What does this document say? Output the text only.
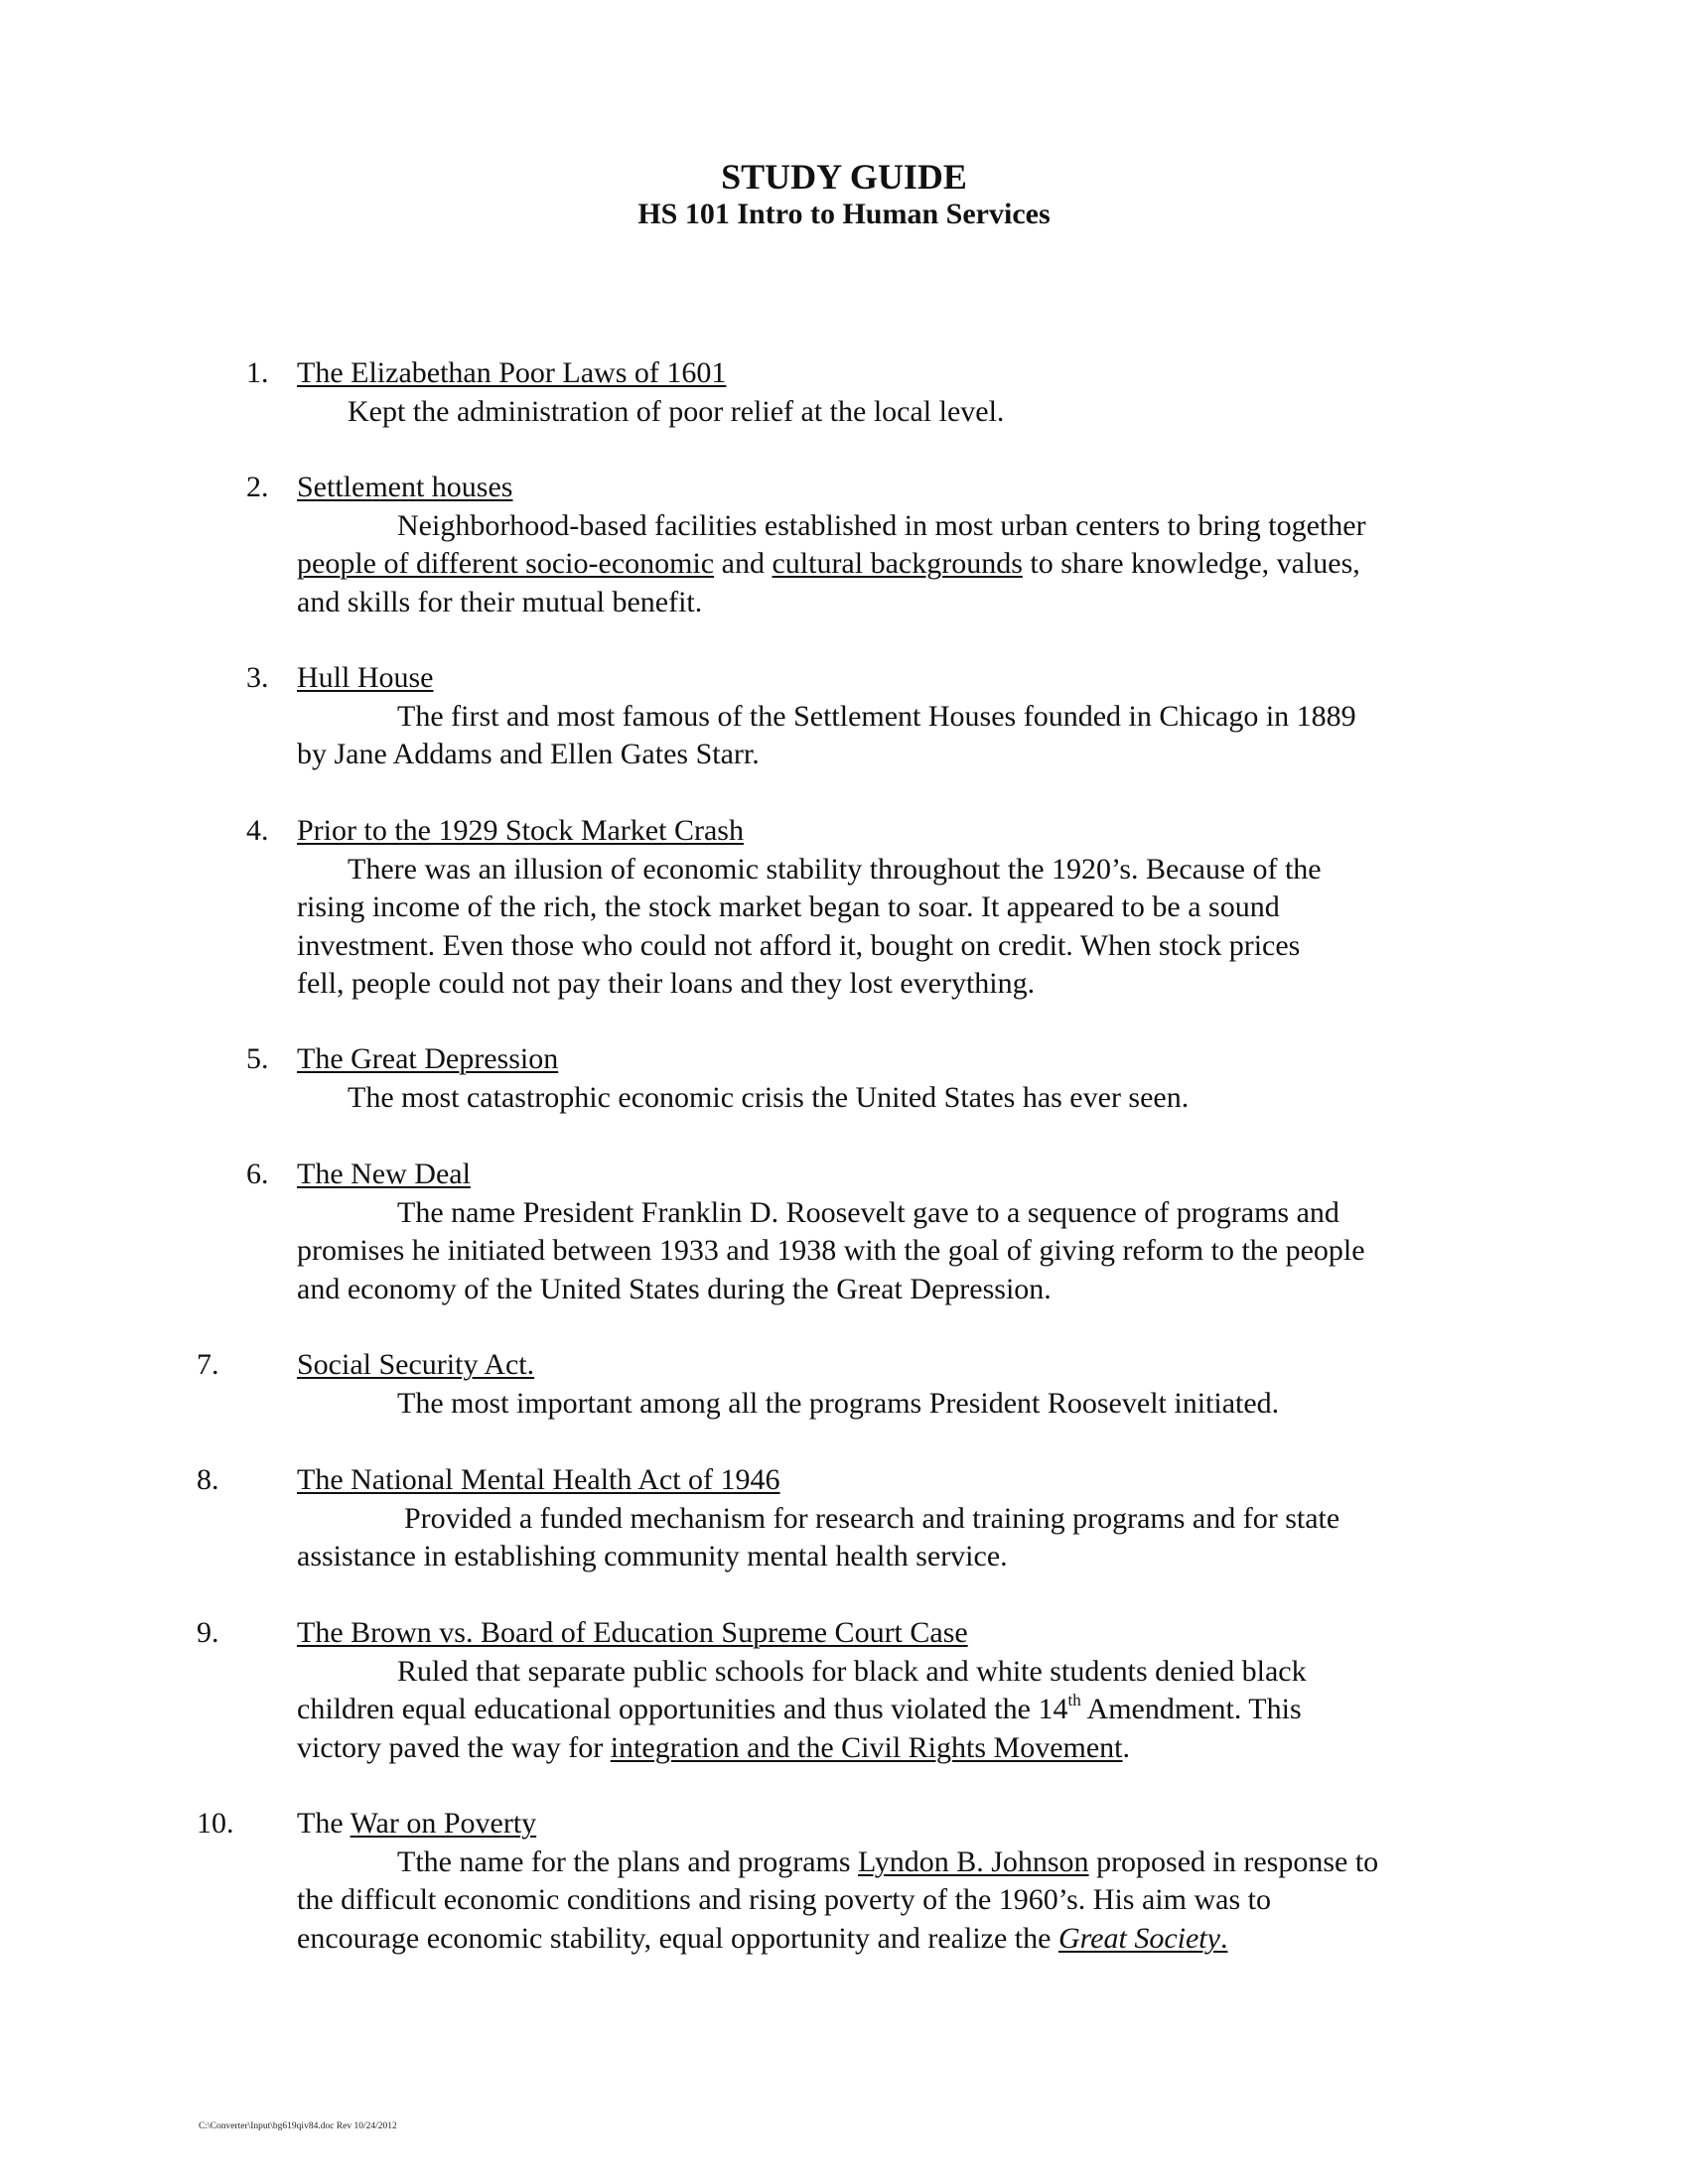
STUDY GUIDE

HS 101 Intro to Human Services

1. The Elizabethan Poor Laws of 1601
Kept the administration of poor relief at the local level.
2. Settlement houses
Neighborhood-based facilities established in most urban centers to bring together
people of different socio-economic and cultural backgrounds to share knowledge, values,
and skills for their mutual benefit.
3. Hull House
The first and most famous of the Settlement Houses founded in Chicago in 1889
by Jane Addams and Ellen Gates Starr.
4. Prior to the 1929 Stock Market Crash
There was an illusion of economic stability throughout the 1920’s. Because of the
rising income of the rich, the stock market began to soar. It appeared to be a sound
investment. Even those who could not afford it, bought on credit. When stock prices
fell, people could not pay their loans and they lost everything.
5. The Great Depression
The most catastrophic economic crisis the United States has ever seen.
6. The New Deal
The name President Franklin D. Roosevelt gave to a sequence of programs and
promises he initiated between 1933 and 1938 with the goal of giving reform to the people
and economy of the United States during the Great Depression.
7.	Social Security Act.
The most important among all the programs President Roosevelt initiated.
8.	The National Mental Health Act of 1946
Provided a funded mechanism for research and training programs and for state
assistance in establishing community mental health service.
9.	The Brown vs. Board of Education Supreme Court Case
Ruled that separate public schools for black and white students denied black
children equal educational opportunities and thus violated the 14th Amendment. This
victory paved the way for integration and the Civil Rights Movement.
10. The War on Poverty
Tthe name for the plans and programs Lyndon B. Johnson proposed in response to
the difficult economic conditions and rising poverty of the 1960’s. His aim was to
encourage economic stability, equal opportunity and realize the Great Society.
C:\Converter\Input\bg619qiv84.doc Rev 10/24/2012
